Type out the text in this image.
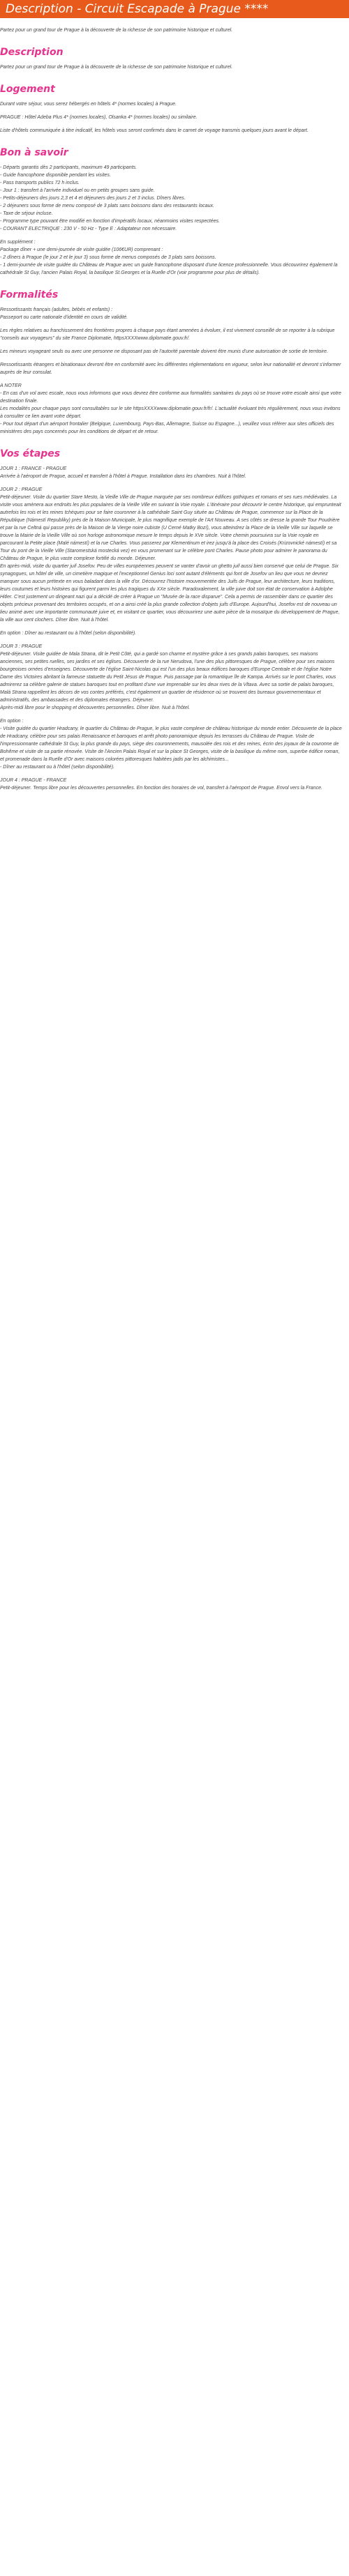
Description - Circuit Escapade à Prague ****

Partez pour un grand tour de Prague à la découverte de la richesse de son patrimoine historique et culturel.

Description

Partez pour un grand tour de Prague à la découverte de la richesse de son patrimoine historique et culturel.

Logement

Durant votre séjour, vous serez hébergés en hôtels 4* (normes locales) à Prague.

PRAGUE : Hôtel Adeba Plus 4* (normes locales), Olsanka 4* (normes locales) ou similaire.

Liste d'hôtels communiquée à titre indicatif, les hôtels vous seront confirmés dans le carnet de voyage transmis quelques jours avant le départ.

Bon à savoir

- Départs garantis dès 2 participants, maximum 49 participants.

- Guide francophone disponible pendant les visites.

- Pass transports publics 72 h inclus.

- Jour 1 : transfert à l'arrivée individuel ou en petits groupes sans guide.

- Petits-déjeuners des jours 2,3 et 4 et déjeuners des jours 2 et 3 inclus. Dîners libres.

- 2 déjeuners sous forme de menu composé de 3 plats sans boissons dans des restaurants locaux.

- Taxe de séjour incluse.

- Programme type pouvant être modifié en fonction d'impératifs locaux, néanmoins visites respectées.

- COURANT ELECTRIQUE : 230 V - 50 Hz - Type E : Adaptateur non nécessaire.

En supplément :

Package dîner + une demi-journée de visite guidée (106€UR) comprenant :

- 2 dîners à Prague (le jour 2 et le jour 3) sous forme de menus composés de 3 plats sans boissons.

- 1 demi-journée de visite guidée du Château de Prague avec un guide francophone disposant d'une licence professionnelle. Vous découvrirez également la cathédrale St Guy, l'ancien Palais Royal, la basilique St.Georges et la Ruelle d'Or (voir programme pour plus de détails).

Formalités

Ressortissants français (adultes, bébés et enfants) :
Passeport ou carte nationale d'identité en cours de validité.

Les règles relatives au franchissement des frontières propres à chaque pays étant amenées à évoluer, il est vivement conseillé de se reporter à la rubrique "conseils aux voyageurs" du site France Diplomatie, httpsXXXXwww.diplomatie.gouv.fr/.

Les mineurs voyageant seuls ou avec une personne ne disposant pas de l'autorité parentale doivent être munis d'une autorisation de sortie de territoire.

Ressortissants étrangers et binationaux devront être en conformité avec les différentes réglementations en vigueur, selon leur nationalité et devront s'informer auprès de leur consulat.

A NOTER

- En cas d'un vol avec escale, nous vous informons que vous devrez être conforme aux formalités sanitaires du pays où se trouve votre escale ainsi que votre destination finale.

Les modalités pour chaque pays sont consultables sur le site httpsXXXXwww.diplomatie.gouv.fr/fr/. L'actualité évoluant très régulièrement, nous vous invitons à consulter ce lien avant votre départ.

- Pour tout départ d'un aéroport frontalier (Belgique, Luxembourg, Pays-Bas, Allemagne, Suisse ou Espagne...), veuillez vous référer aux sites officiels des ministères des pays concernés pour les conditions de départ et de retour.

Vos étapes

JOUR 1 : FRANCE - PRAGUE
Arrivée à l'aéroport de Prague, accueil et transfert à l'hôtel à Prague. Installation dans les chambres. Nuit à l'hôtel.

JOUR 2 : PRAGUE
Petit-déjeuner. Visite du quartier Stare Mesto, la Vieille Ville de Prague marquée par ses nombreux édifices gothiques et romans et ses rues médiévales. La visite vous amènera aux endroits les plus populaires de la Vieille Ville en suivant la Voie royale. L'itinéraire pour découvrir le centre historique, qui emprunteait autrefois les rois et les reines tchèques pour se faire couronner à la cathédrale Saint Guy située au Château de Prague, commence sur la Place de la République (Námestí Republiky) près de la Maison Municipale, le plus magnifique exemple de l'Art Nouveau. A ses côtés se dresse la grande Tour Poudrière et par la rue Celtná qui passe près de la Maison de la Vierge noire cubiste (U Cerné Matky Bozí), vous atteindrez la Place de la Vieille Ville sur laquelle se trouve la Mairie de la Vieille Ville où son horloge astronomique mesure le temps depuis le XVe siècle. Votre chemin poursuivra sur la Voie royale en parcourant la Petite place (Malé námestí) et la rue Charles. Vous passerez par Klementinum et irez jusqu'à la place des Croisés (Krizovnické námestí) et sa Tour du pont de la Vieille Ville (Staromestská mostecká vez) en vous promenant sur le célèbre pont Charles. Pause photo pour admirer le panorama du Château de Prague, le plus vaste complexe fortifié du monde. Déjeuner.
En après-midi, visite du quartier juif Josefov. Peu de villes européennes peuvent se vanter d'avoir un ghetto juif aussi bien conservé que celui de Prague. Six synagogues, un hôtel de ville, un cimetière magique et l'exceptionnel Genius loci sont autant d'éléments qui font de Josefov un lieu que vous ne devriez manquer sous aucun prétexte en vous baladant dans la ville d'or. Découvrez l'histoire mouvementée des Juifs de Prague, leur architecture, leurs traditions, leurs coutumes et leurs histoires qui figurent parmi les plus tragiques du XXe siècle. Paradoxalement, la ville juive doit son état de conservation à Adolphe Hitler. C'est justement un dirigeant nazi qui a décidé de créer à Prague un "Musée de la race disparue". Cela a permis de rassembler dans ce quartier des objets précieux provenant des territoires occupés, et on a ainsi créé la plus grande collection d'objets juifs d'Europe. Aujourd'hui, Josefov est de nouveau un lieu animé avec une importante communauté juive et, en visitant ce quartier, vous découvrirez une autre pièce de la mosaïque du développement de Prague, la ville aux cent clochers. Dîner libre. Nuit à l'hôtel.

En option : Dîner au restaurant ou à l'hôtel (selon disponibilité).

JOUR 3 : PRAGUE
Petit-déjeuner. Visite guidée de Mala Strana, dit le Petit Côté, qui a gardé son charme et mystère grâce à ses grands palais baroques, ses maisons anciennes, ses petites ruelles, ses jardins et ses églises. Découverte de la rue Nerudova, l'une des plus pittoresques de Prague, célèbre pour ses maisons bourgeoises ornées d'enseignes. Découverte de l'église Saint-Nicolas qui est l'un des plus beaux édifices baroques d'Europe Centrale et de l'église Notre Dame des Victoires abritant la fameuse statuette du Petit Jésus de Prague. Puis passage par la romantique île de Kampa. Arrivés sur le pont Charles, vous admirerez sa célèbre galerie de statues baroques tout en profitant d'une vue imprenable sur les deux rives de la Vltava. Avec sa sortie de palais baroques, Malá Strana rappellent les décors de vos contes préférés, c'est également un quartier de résidence où se trouvent des bureaux gouvernementaux et administratifs, des ambassades et des diplomates étrangers. Déjeuner.
Après-midi libre pour le shopping et découvertes personnelles. Dîner libre. Nuit à l'hôtel.

En option :
- Visite guidée du quartier Hradcany, le quartier du Château de Prague, le plus vaste complexe de château historique du monde entier. Découverte de la place de Hradcany, célèbre pour ses palais Renaissance et baroques et arrêt photo panoramique depuis les terrasses du Château de Prague. Visite de l'impressionnante cathédrale St Guy, la plus grande du pays, siège des couronnements, mausolée des rois et des reines, écrin des joyaux de la couronne de Bohême et visite de sa partie rénovée. Visite de l'Ancien Palais Royal et sur la place St Georges, visite de la basilique du même nom, superbe édifice roman, et promenade dans la Ruelle d'Or avec maisons colorées pittoresques habitées jadis par les alchimistes...
- Dîner au restaurant ou à l'hôtel (selon disponibilité).

JOUR 4 : PRAGUE - FRANCE
Petit-déjeuner. Temps libre pour les découvertes personnelles. En fonction des horaires de vol, transfert à l'aéroport de Prague. Envol vers la France.
